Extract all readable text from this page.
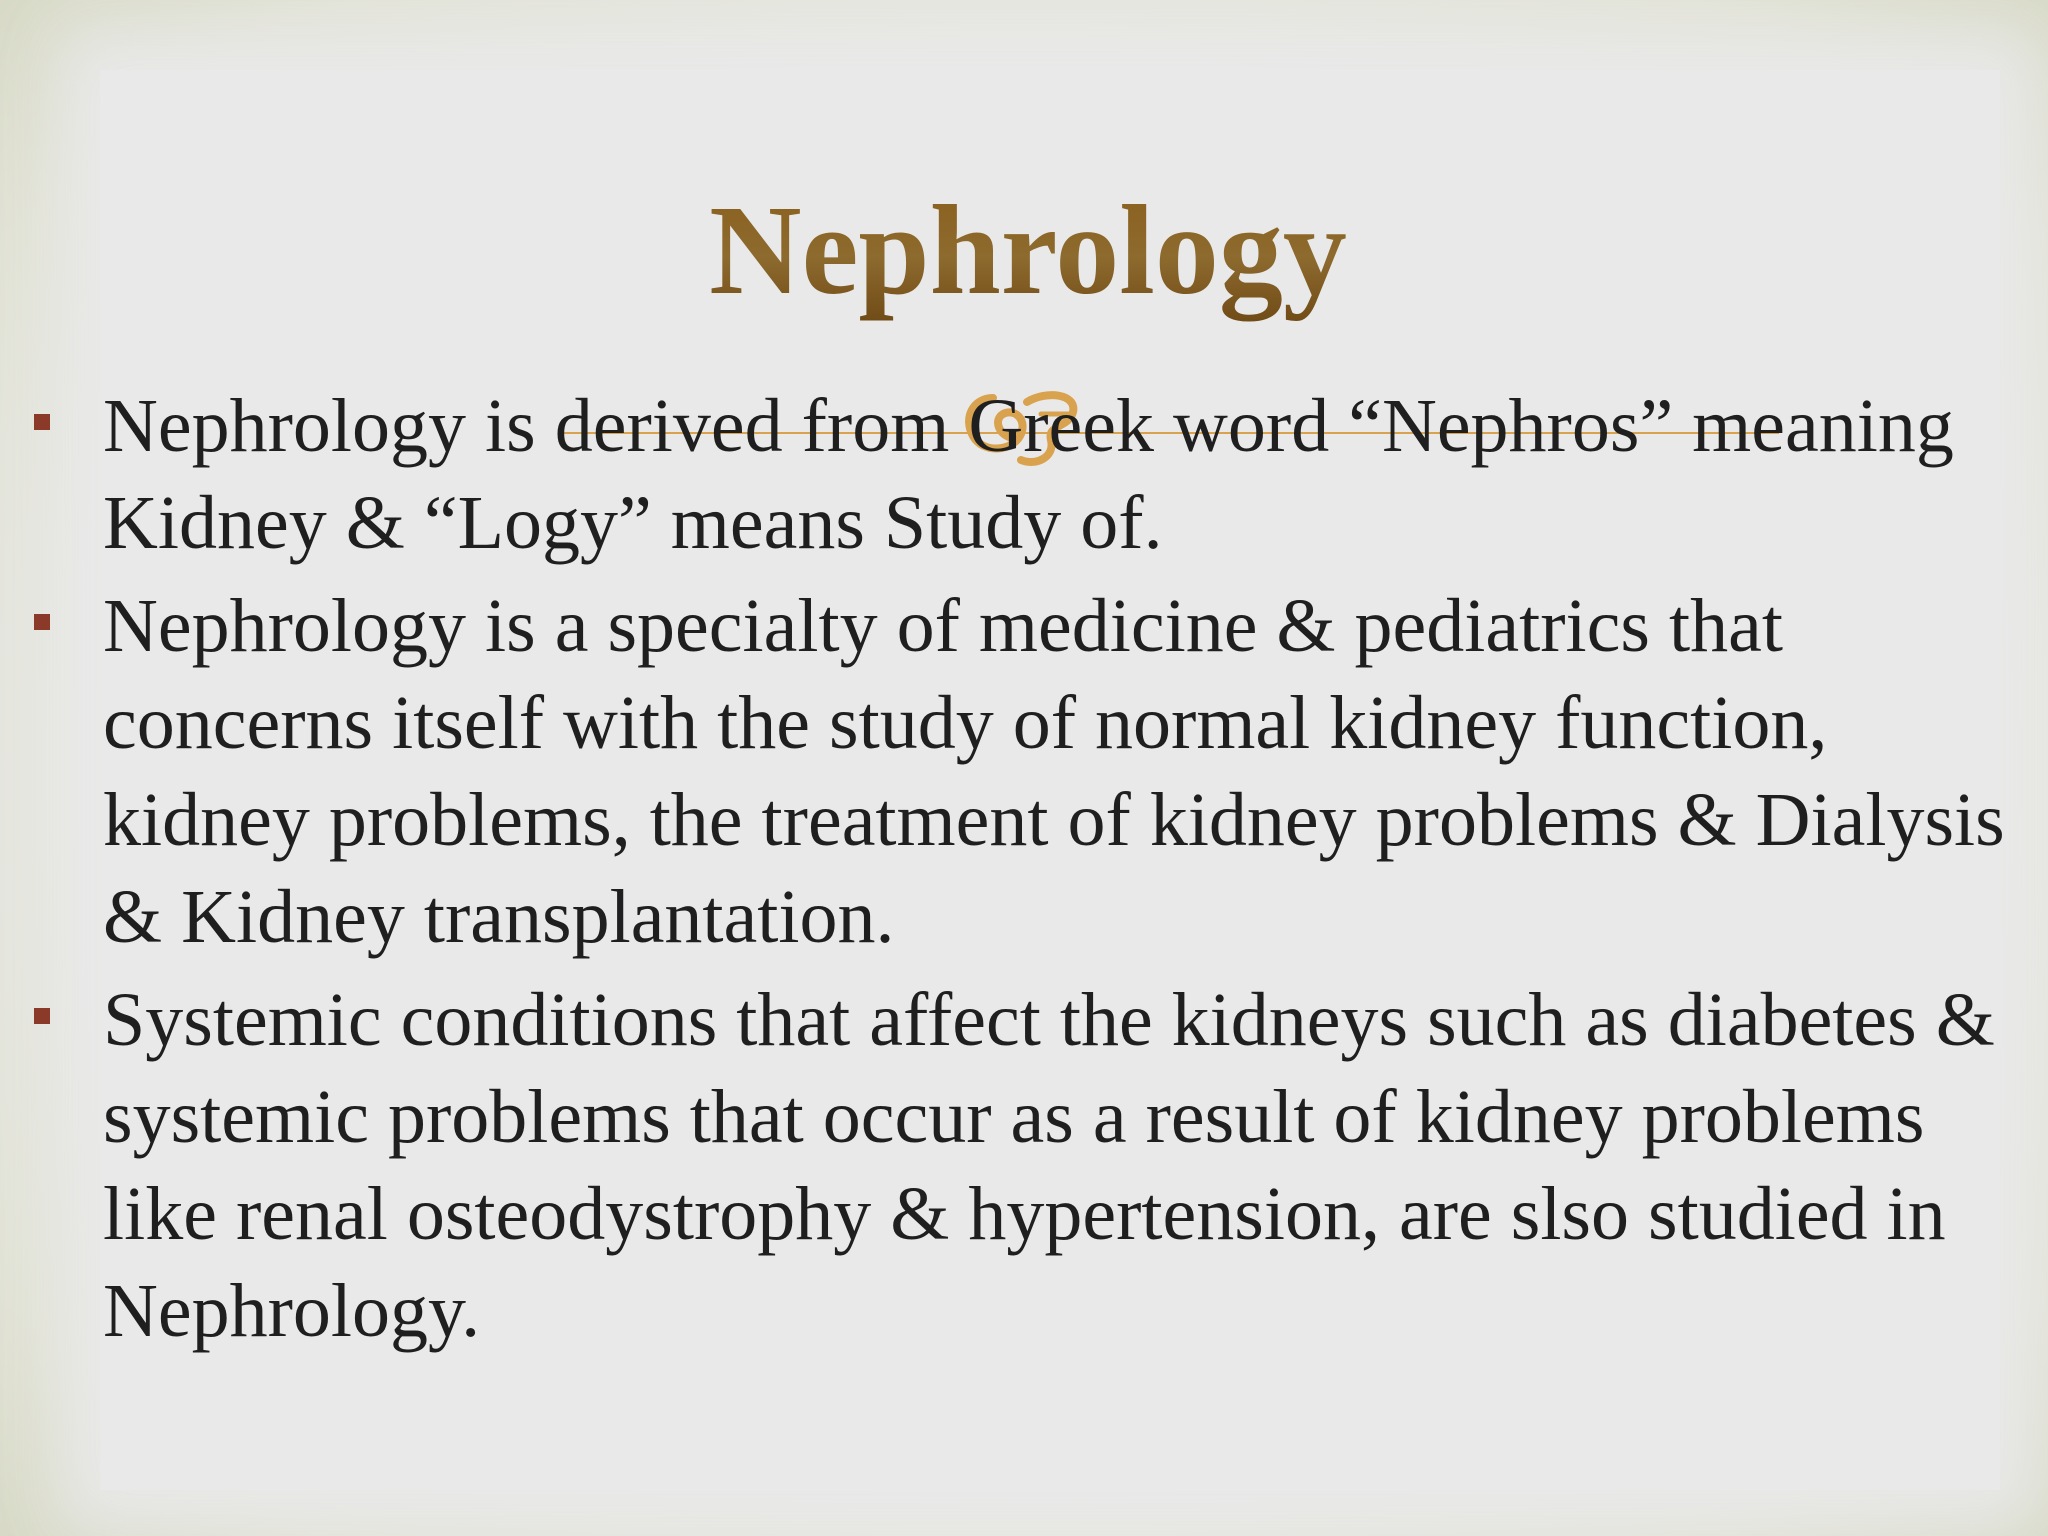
Nephrology
Nephrology is derived from Greek word “Nephros” meaning Kidney & “Logy” means Study of.
Nephrology is a specialty of medicine & pediatrics that concerns itself with the study of normal kidney function, kidney problems, the treatment of kidney problems & Dialysis & Kidney transplantation.
Systemic conditions that affect the kidneys such as diabetes & systemic problems that occur as a result of kidney problems like renal osteodystrophy & hypertension, are slso studied in Nephrology.
